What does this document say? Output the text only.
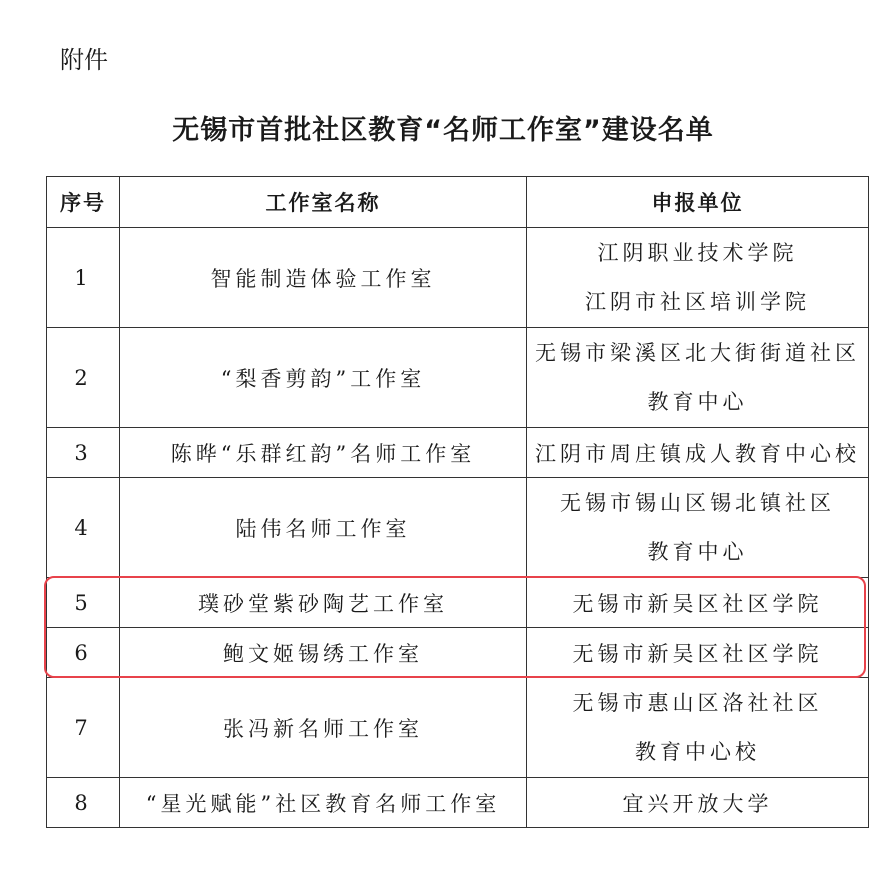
附件
无锡市首批社区教育“名师工作室”建设名单
序号	工作室名称	申报单位
1	智能制造体验工作室	江阴职业技术学院
江阴市社区培训学院

2	“梨香剪韵”工作室	无锡市梁溪区北大街街道社区
教育中心

3	陈晔“乐群红韵”名师工作室	江阴市周庄镇成人教育中心校
4	陆伟名师工作室	无锡市锡山区锡北镇社区
教育中心

5	璞砂堂紫砂陶艺工作室	无锡市新吴区社区学院
6	鲍文姬锡绣工作室	无锡市新吴区社区学院
7	张冯新名师工作室	无锡市惠山区洛社社区
教育中心校

8	“星光赋能”社区教育名师工作室	宜兴开放大学
